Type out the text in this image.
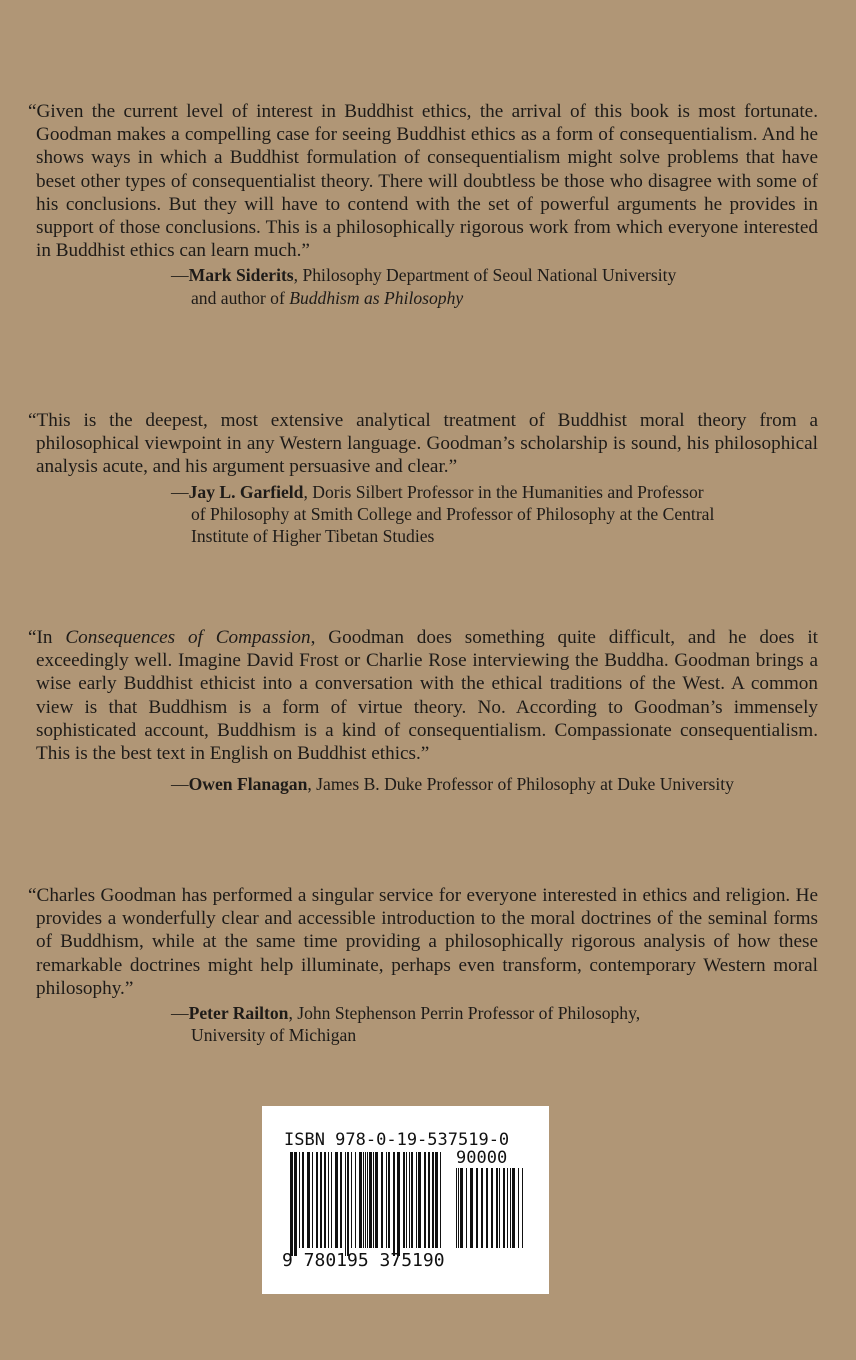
“Given the current level of interest in Buddhist ethics, the arrival of this book is most fortunate. Goodman makes a compelling case for seeing Buddhist ethics as a form of consequentialism. And he shows ways in which a Buddhist formulation of consequentialism might solve problems that have beset other types of consequentialist theory. There will doubtless be those who disagree with some of his conclusions. But they will have to contend with the set of powerful arguments he provides in support of those conclusions. This is a philosophically rigorous work from which everyone interested in Buddhist ethics can learn much.”

—Mark Siderits, Philosophy Department of Seoul National University
and author of Buddhism as Philosophy

“This is the deepest, most extensive analytical treatment of Buddhist moral theory from a philosophical viewpoint in any Western language. Goodman’s scholarship is sound, his philosophical analysis acute, and his argument persuasive and clear.”

—Jay L. Garfield, Doris Silbert Professor in the Humanities and Professor
of Philosophy at Smith College and Professor of Philosophy at the Central
Institute of Higher Tibetan Studies

“In Consequences of Compassion, Goodman does something quite difficult, and he does it exceedingly well. Imagine David Frost or Charlie Rose interviewing the Buddha. Goodman brings a wise early Buddhist ethicist into a conversation with the ethical traditions of the West. A common view is that Buddhism is a form of virtue theory. No. According to Goodman’s immensely sophisticated account, Buddhism is a kind of consequentialism. Compassionate consequentialism. This is the best text in English on Buddhist ethics.”

—Owen Flanagan, James B. Duke Professor of Philosophy at Duke University

“Charles Goodman has performed a singular service for everyone interested in ethics and religion. He provides a wonderfully clear and accessible introduction to the moral doctrines of the seminal forms of Buddhism, while at the same time providing a philosophically rigorous analysis of how these remarkable doctrines might help illuminate, perhaps even transform, contemporary Western moral philosophy.”

—Peter Railton, John Stephenson Perrin Professor of Philosophy,
University of Michigan
ISBN 978-0-19-537519-0
90000
9 780195 375190
